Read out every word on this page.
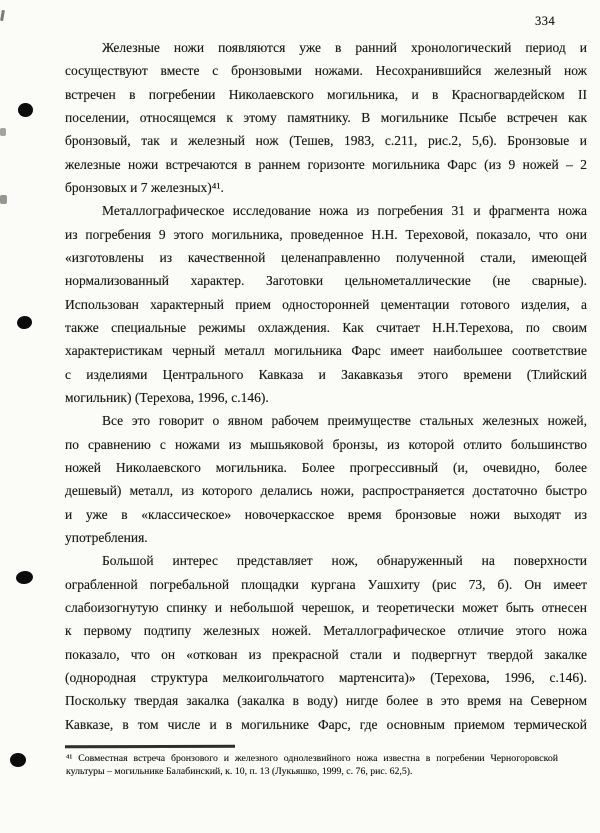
334
Железные ножи появляются уже в ранний хронологический период и
сосуществуют вместе с бронзовыми ножами. Несохранившийся железный нож
встречен в погребении Николаевского могильника, и в Красногвардейском II
поселении, относящемся к этому памятнику. В могильнике Псыбе встречен как
бронзовый, так и железный нож (Тешев, 1983, с.211, рис.2, 5,6). Бронзовые и
железные ножи встречаются в раннем горизонте могильника Фарс (из 9 ножей – 2
бронзовых и 7 железных)⁴¹.
Металлографическое исследование ножа из погребения 31 и фрагмента ножа
из погребения 9 этого могильника, проведенное Н.Н. Тереховой, показало, что они
«изготовлены из качественной целенаправленно полученной стали, имеющей
нормализованный характер. Заготовки цельнометаллические (не сварные).
Использован характерный прием односторонней цементации готового изделия, а
также специальные режимы охлаждения. Как считает Н.Н.Терехова, по своим
характеристикам черный металл могильника Фарс имеет наибольшее соответствие
с изделиями Центрального Кавказа и Закавказья этого времени (Тлийский
могильник) (Терехова, 1996, с.146).
Все это говорит о явном рабочем преимуществе стальных железных ножей,
по сравнению с ножами из мышьяковой бронзы, из которой отлито большинство
ножей Николаевского могильника. Более прогрессивный (и, очевидно, более
дешевый) металл, из которого делались ножи, распространяется достаточно быстро
и уже в «классическое» новочеркасское время бронзовые ножи выходят из
употребления.
Большой интерес представляет нож, обнаруженный на поверхности
ограбленной погребальной площадки кургана Уашхиту (рис 73, б). Он имеет
слабоизогнутую спинку и небольшой черешок, и теоретически может быть отнесен
к первому подтипу железных ножей. Металлографическое отличие этого ножа
показало, что он «откован из прекрасной стали и подвергнут твердой закалке
(однородная структура мелкоигольчатого мартенсита)» (Терехова, 1996, с.146).
Поскольку твердая закалка (закалка в воду) нигде более в это время на Северном
Кавказе, в том числе и в могильнике Фарс, где основным приемом термической
⁴¹ Совместная встреча бронзового и железного однолезвийного ножа известна в погребении Черногоровской
культуры – могильнике Балабинский, к. 10, п. 13 (Лукьяшко, 1999, с. 76, рис. 62,5).
